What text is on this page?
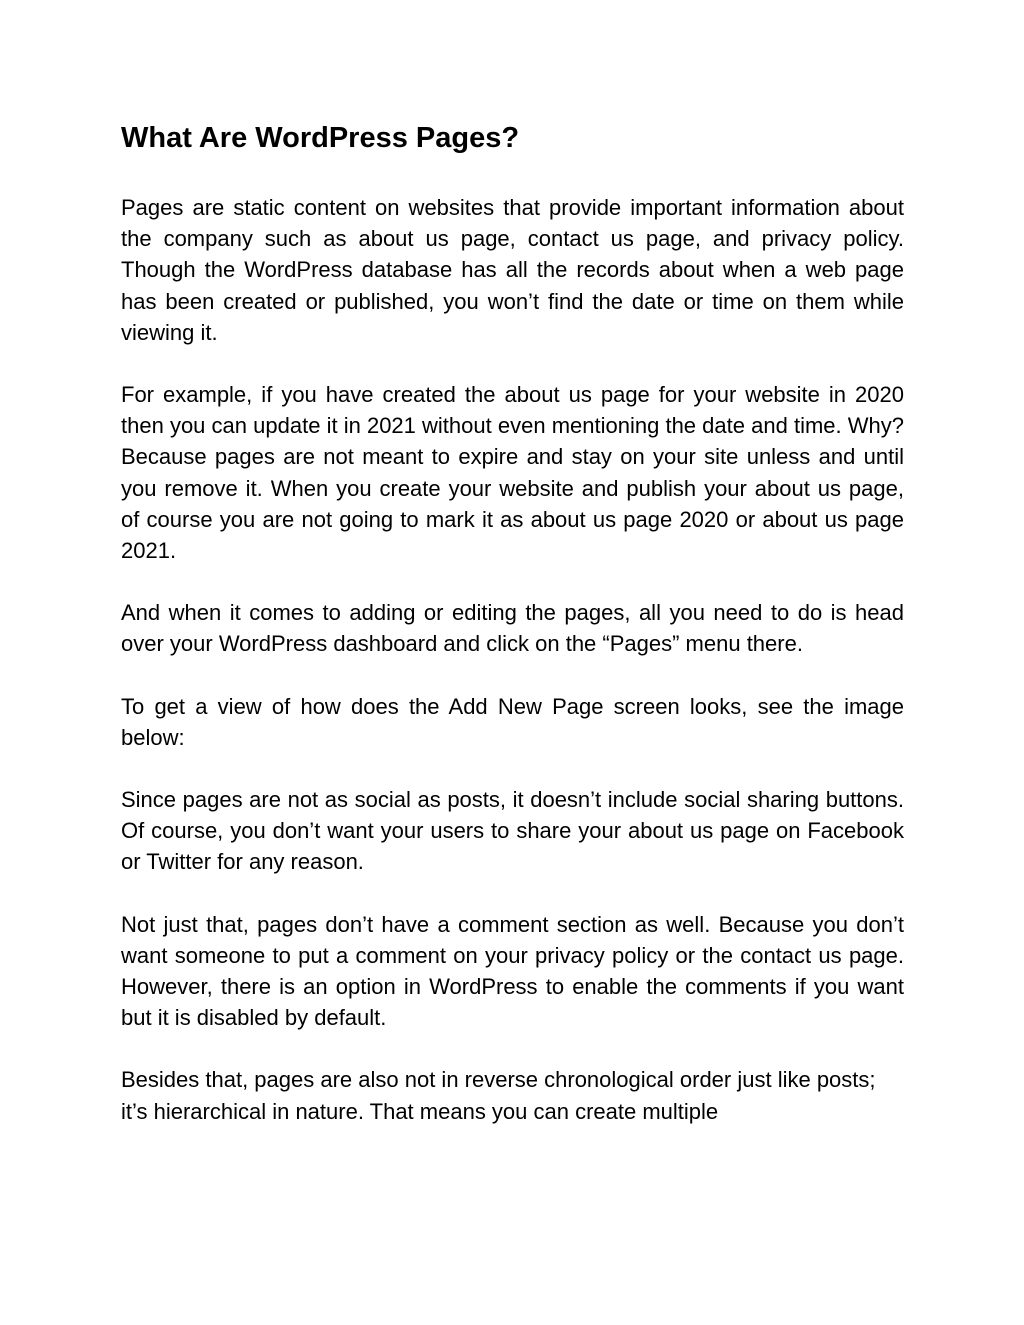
What Are WordPress Pages?

Pages are static content on websites that provide important information about the company such as about us page, contact us page, and privacy policy. Though the WordPress database has all the records about when a web page has been created or published, you won’t find the date or time on them while viewing it.

For example, if you have created the about us page for your website in 2020 then you can update it in 2021 without even mentioning the date and time. Why? Because pages are not meant to expire and stay on your site unless and until you remove it. When you create your website and publish your about us page, of course you are not going to mark it as about us page 2020 or about us page 2021.

And when it comes to adding or editing the pages, all you need to do is head over your WordPress dashboard and click on the “Pages” menu there.

To get a view of how does the Add New Page screen looks, see the image below:

Since pages are not as social as posts, it doesn’t include social sharing buttons. Of course, you don’t want your users to share your about us page on Facebook or Twitter for any reason.

Not just that, pages don’t have a comment section as well. Because you don’t want someone to put a comment on your privacy policy or the contact us page. However, there is an option in WordPress to enable the comments if you want but it is disabled by default.

Besides that, pages are also not in reverse chronological order just like posts; it’s hierarchical in nature. That means you can create multiple
